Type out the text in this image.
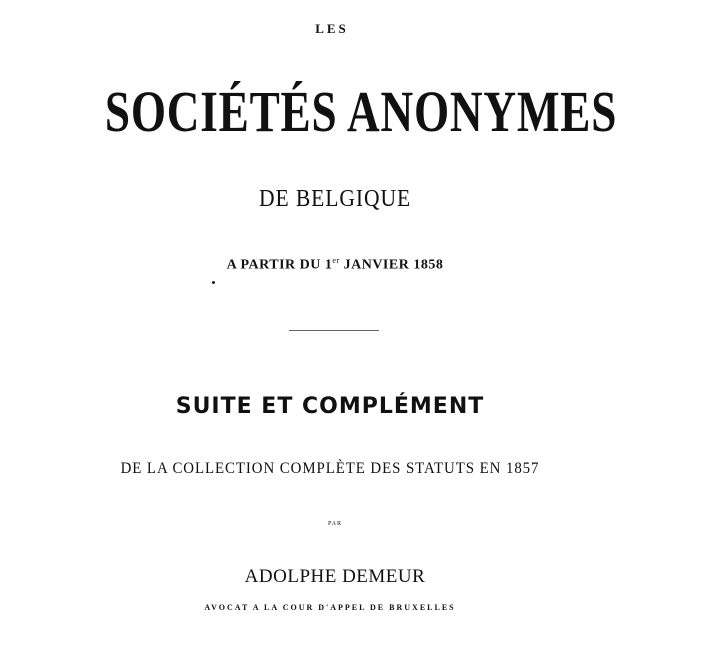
LES
SOCIÉTÉS ANONYMES
DE BELGIQUE
A PARTIR DU 1er JANVIER 1858
SUITE ET COMPLÉMENT
DE LA COLLECTION COMPLÈTE DES STATUTS EN 1857
PAR
ADOLPHE DEMEUR
AVOCAT A LA COUR D'APPEL DE BRUXELLES
